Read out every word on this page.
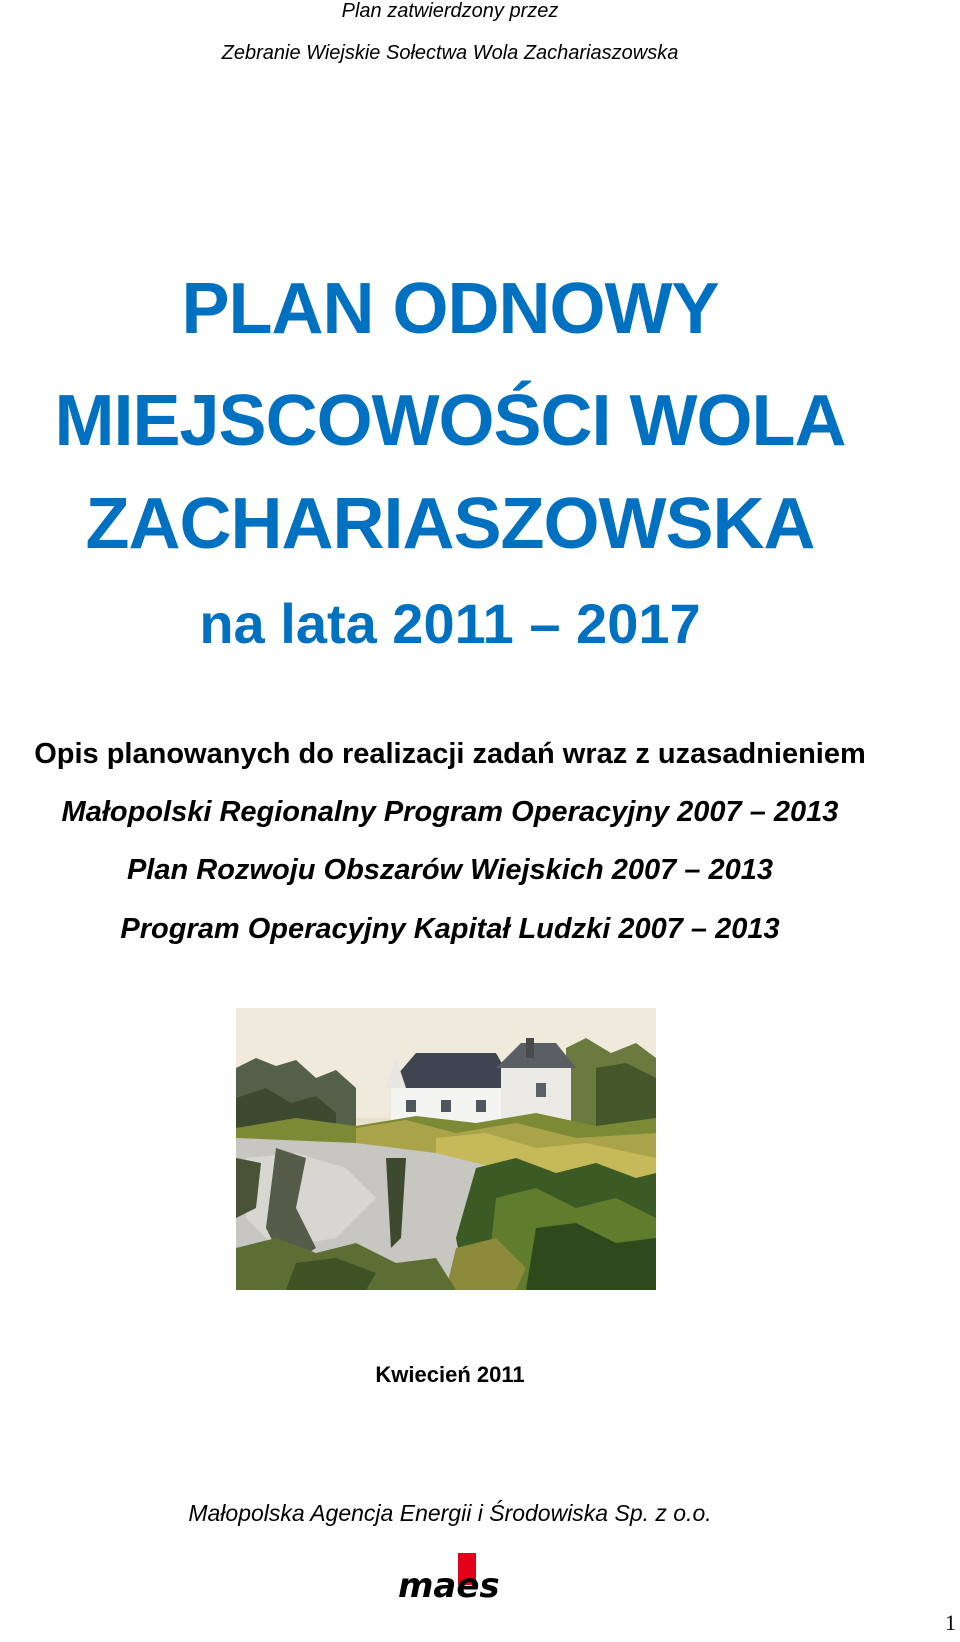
Plan zatwierdzony przez
Zebranie Wiejskie Sołectwa Wola Zachariaszowska
PLAN ODNOWY
MIEJSCOWOŚCI WOLA
ZACHARIASZOWSKA
na lata 2011 – 2017
Opis planowanych do realizacji zadań wraz z uzasadnieniem
Małopolski Regionalny Program Operacyjny 2007 – 2013
Plan Rozwoju Obszarów Wiejskich 2007 – 2013
Program Operacyjny Kapitał Ludzki 2007 – 2013
Kwiecień 2011
Małopolska Agencja Energii i Środowiska Sp. z o.o.
maes
1
